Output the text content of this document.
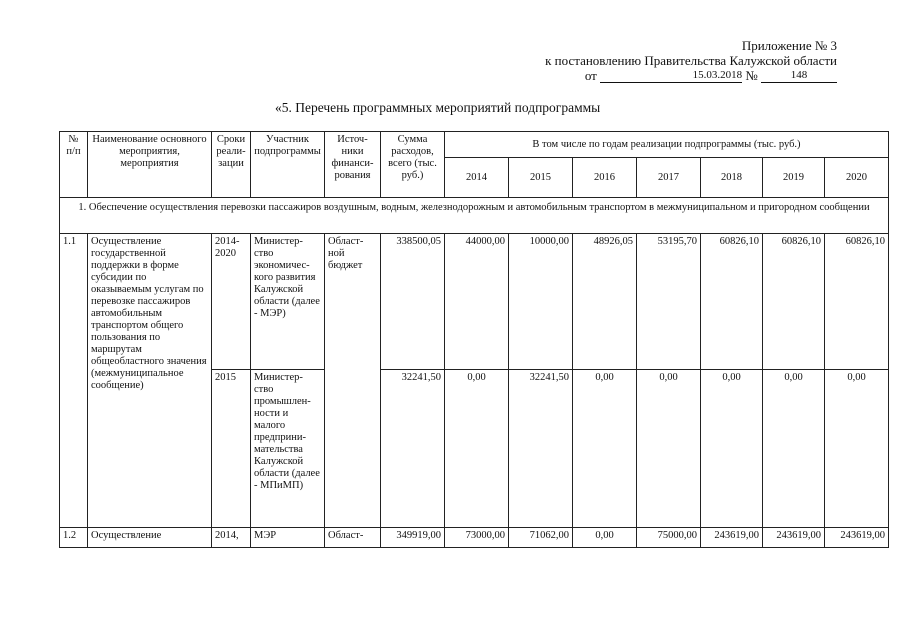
Приложение № 3
к постановлению Правительства Калужской области
от	15.03.2018 №	148
«5. Перечень программных мероприятий подпрограммы
№ п/п	Наименование основного мероприятия, мероприятия	Сроки реали-зации	Участник подпрограммы	Источ-ники финанси-рования	Сумма расходов, всего (тыс. руб.)	В том числе по годам реализации подпрограммы (тыс. руб.)						
						2014	2015	2016	2017	2018	2019	2020
1. Обеспечение осуществления перевозки пассажиров воздушным, водным, железнодорожным и автомобильным транспортом в межмуниципальном и пригородном сообщении												
1.1	Осуществление государственной поддержки в форме субсидии по оказываемым услугам по перевозке пассажиров автомобильным транспортом общего пользования по маршрутам общеобластного значения (межмуниципальное сообщение)	2014-2020	Министер-ство экономичес-кого развития Калужской области (далее - МЭР)	Област-ной бюджет	338500,05	44000,00	10000,00	48926,05	53195,70	60826,10	60826,10	60826,10
		2015	Министер-ство промышлен-ности и малого предприни-мательства Калужской области (далее - МПиМП)		32241,50	0,00	32241,50	0,00	0,00	0,00	0,00	0,00
1.2	Осуществление	2014,	МЭР	Област-	349919,00	73000,00	71062,00	0,00	75000,00	243619,00	243619,00	243619,00
